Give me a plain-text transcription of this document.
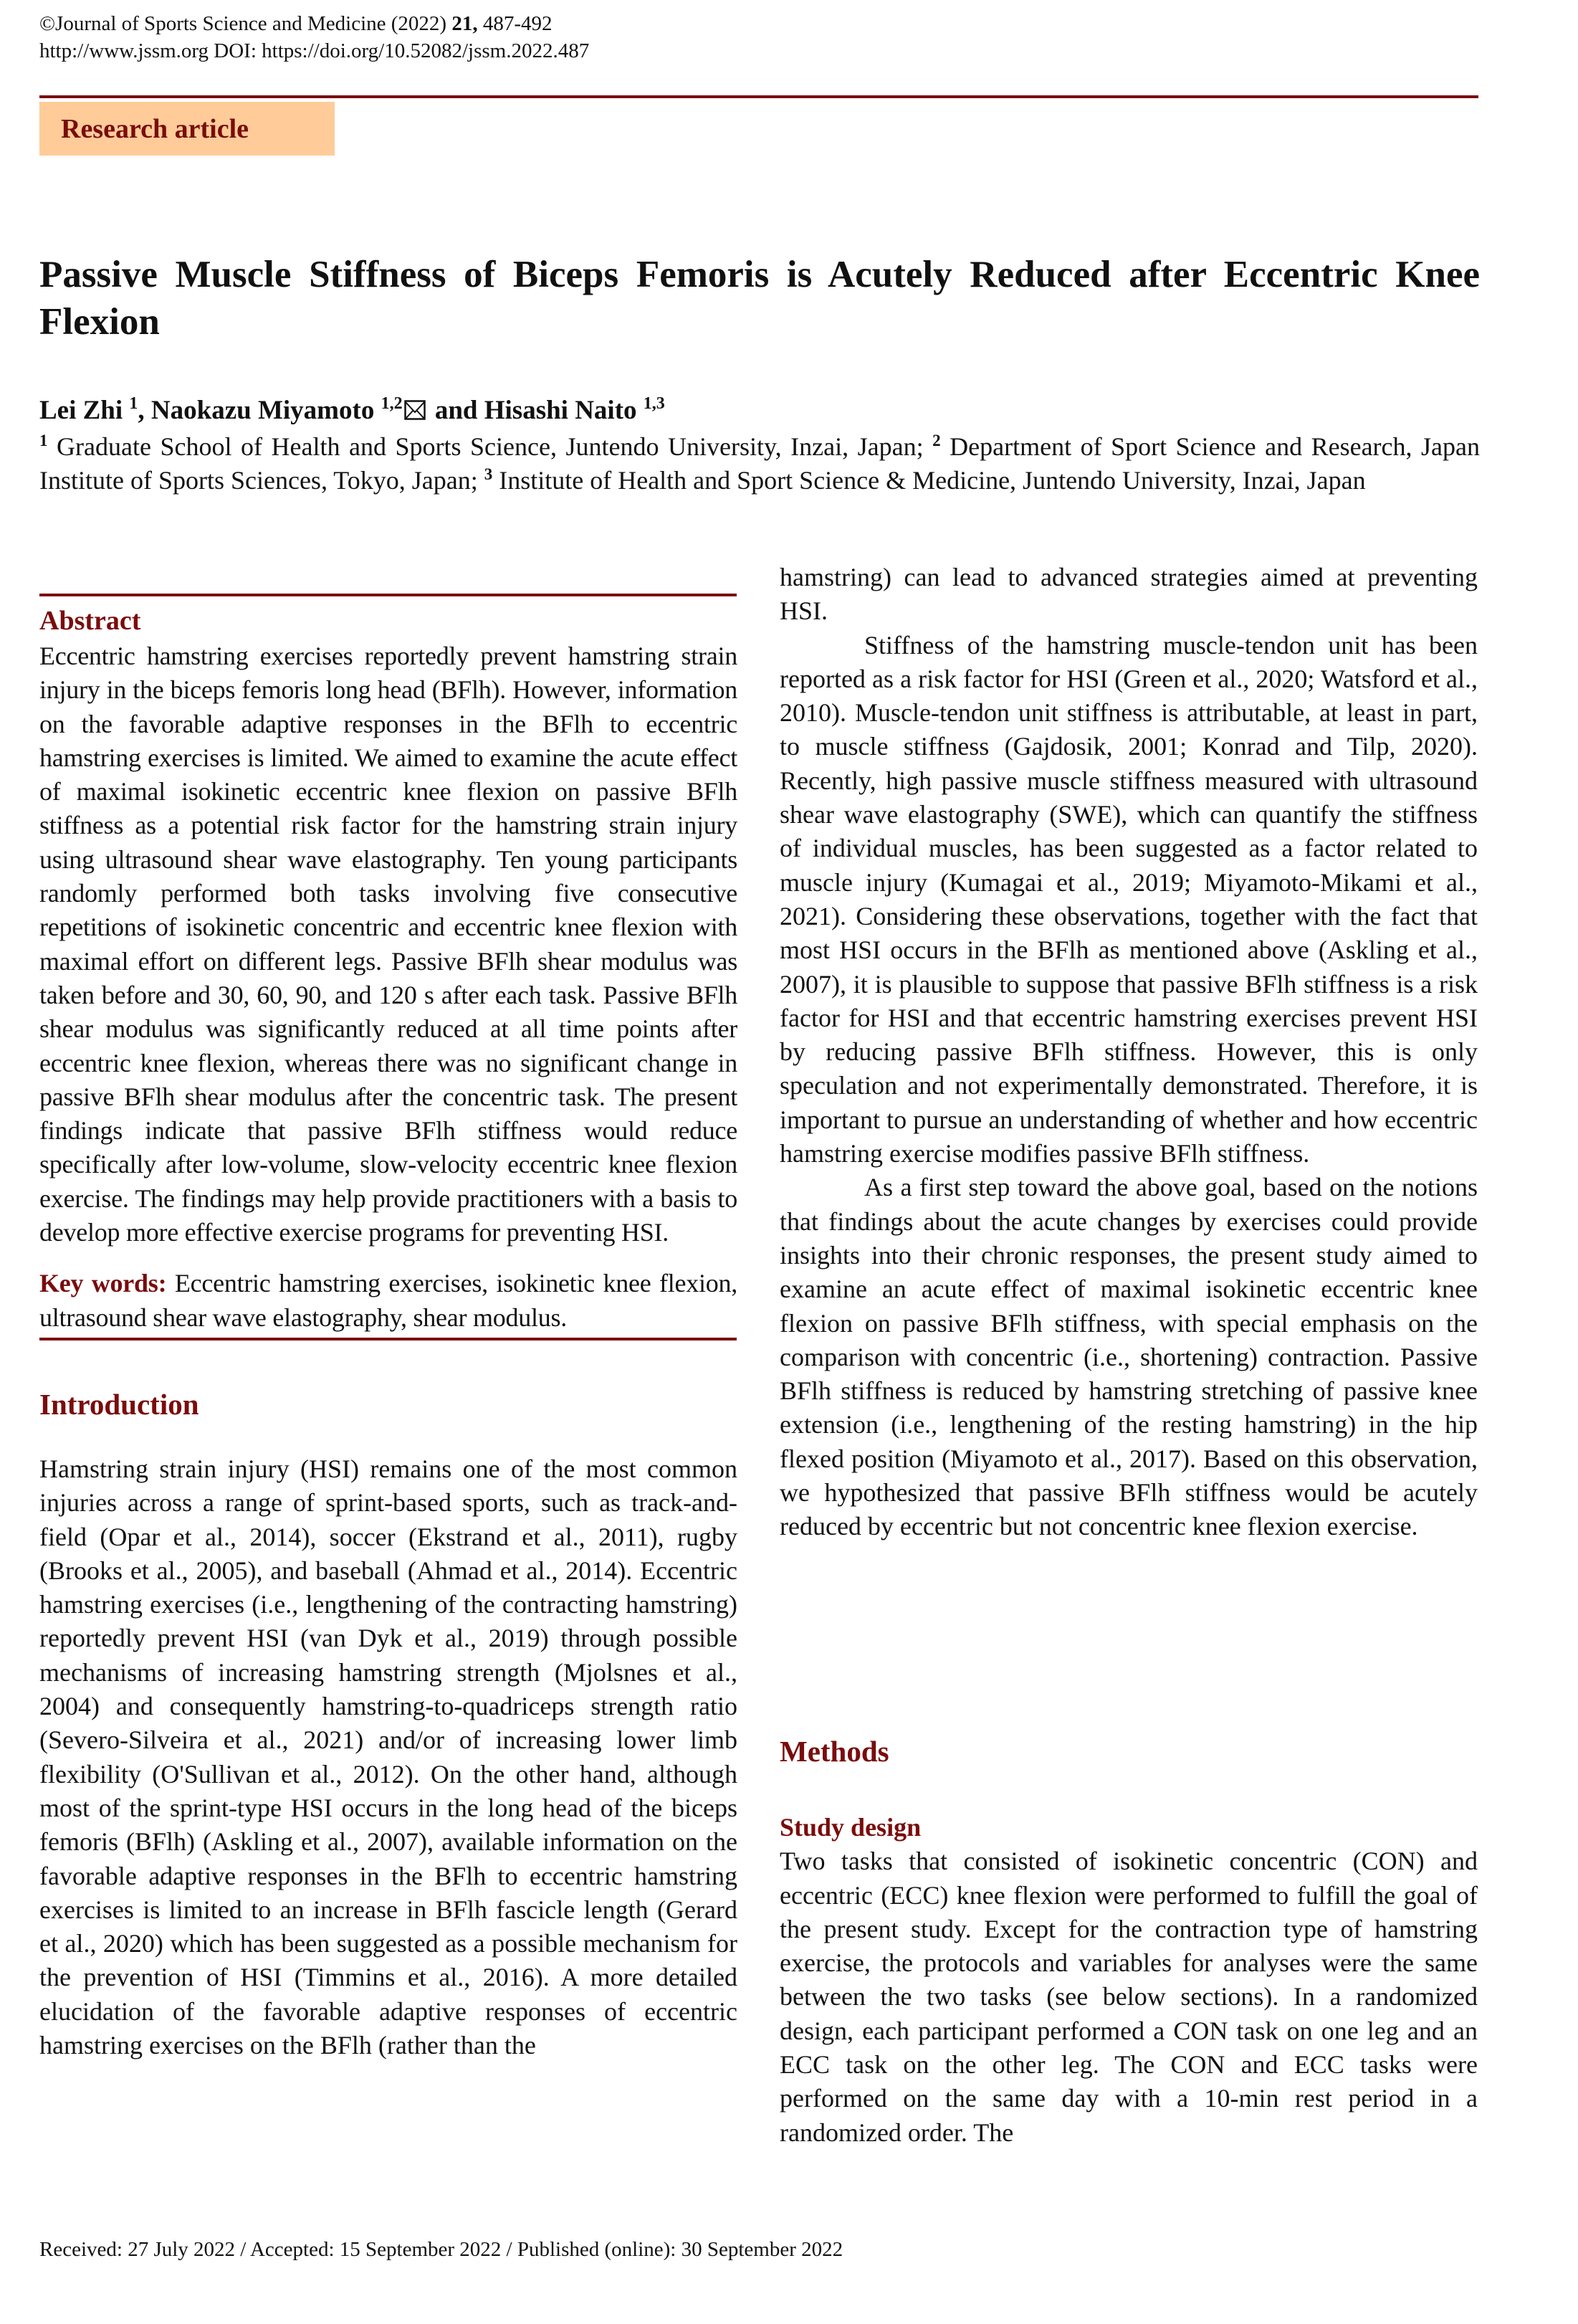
©Journal of Sports Science and Medicine (2022) 21, 487-492
http://www.jssm.org DOI: https://doi.org/10.52082/jssm.2022.487
Research article
Passive Muscle Stiffness of Biceps Femoris is Acutely Reduced after Eccentric Knee Flexion
Lei Zhi $^1$, Naokazu Miyamoto $^{1,2}$ and Hisashi Naito $^{1,3}$
$^1$ Graduate School of Health and Sports Science, Juntendo University, Inzai, Japan; $^2$ Department of Sport Science and Research, Japan Institute of Sports Sciences, Tokyo, Japan; $^3$ Institute of Health and Sport Science & Medicine, Juntendo University, Inzai, Japan
Abstract

Eccentric hamstring exercises reportedly prevent hamstring strain injury in the biceps femoris long head (BFlh). However, information on the favorable adaptive responses in the BFlh to eccentric hamstring exercises is limited. We aimed to examine the acute effect of maximal isokinetic eccentric knee flexion on passive BFlh stiffness as a potential risk factor for the hamstring strain injury using ultrasound shear wave elastography. Ten young participants randomly performed both tasks involving five consecutive repetitions of isokinetic concentric and eccentric knee flexion with maximal effort on different legs. Passive BFlh shear modulus was taken before and 30, 60, 90, and 120 s after each task. Passive BFlh shear modulus was significantly reduced at all time points after eccentric knee flexion, whereas there was no significant change in passive BFlh shear modulus after the concentric task. The present findings indicate that passive BFlh stiffness would reduce specifically after low-volume, slow-velocity eccentric knee flexion exercise. The findings may help provide practitioners with a basis to develop more effective exercise programs for preventing HSI.

Key words: Eccentric hamstring exercises, isokinetic knee flexion, ultrasound shear wave elastography, shear modulus.

Introduction

Hamstring strain injury (HSI) remains one of the most common injuries across a range of sprint-based sports, such as track-and-field (Opar et al., 2014), soccer (Ekstrand et al., 2011), rugby (Brooks et al., 2005), and baseball (Ahmad et al., 2014). Eccentric hamstring exercises (i.e., lengthening of the contracting hamstring) reportedly prevent HSI (van Dyk et al., 2019) through possible mechanisms of increasing hamstring strength (Mjolsnes et al., 2004) and consequently hamstring-to-quadriceps strength ratio (Severo-Silveira et al., 2021) and/or of increasing lower limb flexibility (O'Sullivan et al., 2012). On the other hand, although most of the sprint-type HSI occurs in the long head of the biceps femoris (BFlh) (Askling et al., 2007), available information on the favorable adaptive responses in the BFlh to eccentric hamstring exercises is limited to an increase in BFlh fascicle length (Gerard et al., 2020) which has been suggested as a possible mechanism for the prevention of HSI (Timmins et al., 2016). A more detailed elucidation of the favorable adaptive responses of eccentric hamstring exercises on the BFlh (rather than the

hamstring) can lead to advanced strategies aimed at preventing HSI.

Stiffness of the hamstring muscle-tendon unit has been reported as a risk factor for HSI (Green et al., 2020; Watsford et al., 2010). Muscle-tendon unit stiffness is attributable, at least in part, to muscle stiffness (Gajdosik, 2001; Konrad and Tilp, 2020). Recently, high passive muscle stiffness measured with ultrasound shear wave elastography (SWE), which can quantify the stiffness of individual muscles, has been suggested as a factor related to muscle injury (Kumagai et al., 2019; Miyamoto-Mikami et al., 2021). Considering these observations, together with the fact that most HSI occurs in the BFlh as mentioned above (Askling et al., 2007), it is plausible to suppose that passive BFlh stiffness is a risk factor for HSI and that eccentric hamstring exercises prevent HSI by reducing passive BFlh stiffness. However, this is only speculation and not experimentally demonstrated. Therefore, it is important to pursue an understanding of whether and how eccentric hamstring exercise modifies passive BFlh stiffness.

As a first step toward the above goal, based on the notions that findings about the acute changes by exercises could provide insights into their chronic responses, the present study aimed to examine an acute effect of maximal isokinetic eccentric knee flexion on passive BFlh stiffness, with special emphasis on the comparison with concentric (i.e., shortening) contraction. Passive BFlh stiffness is reduced by hamstring stretching of passive knee extension (i.e., lengthening of the resting hamstring) in the hip flexed position (Miyamoto et al., 2017). Based on this observation, we hypothesized that passive BFlh stiffness would be acutely reduced by eccentric but not concentric knee flexion exercise.

Methods
Study design

Two tasks that consisted of isokinetic concentric (CON) and eccentric (ECC) knee flexion were performed to fulfill the goal of the present study. Except for the contraction type of hamstring exercise, the protocols and variables for analyses were the same between the two tasks (see below sections). In a randomized design, each participant performed a CON task on one leg and an ECC task on the other leg. The CON and ECC tasks were performed on the same day with a 10-min rest period in a randomized order. The

Received: 27 July 2022 / Accepted: 15 September 2022 / Published (online): 30 September 2022
